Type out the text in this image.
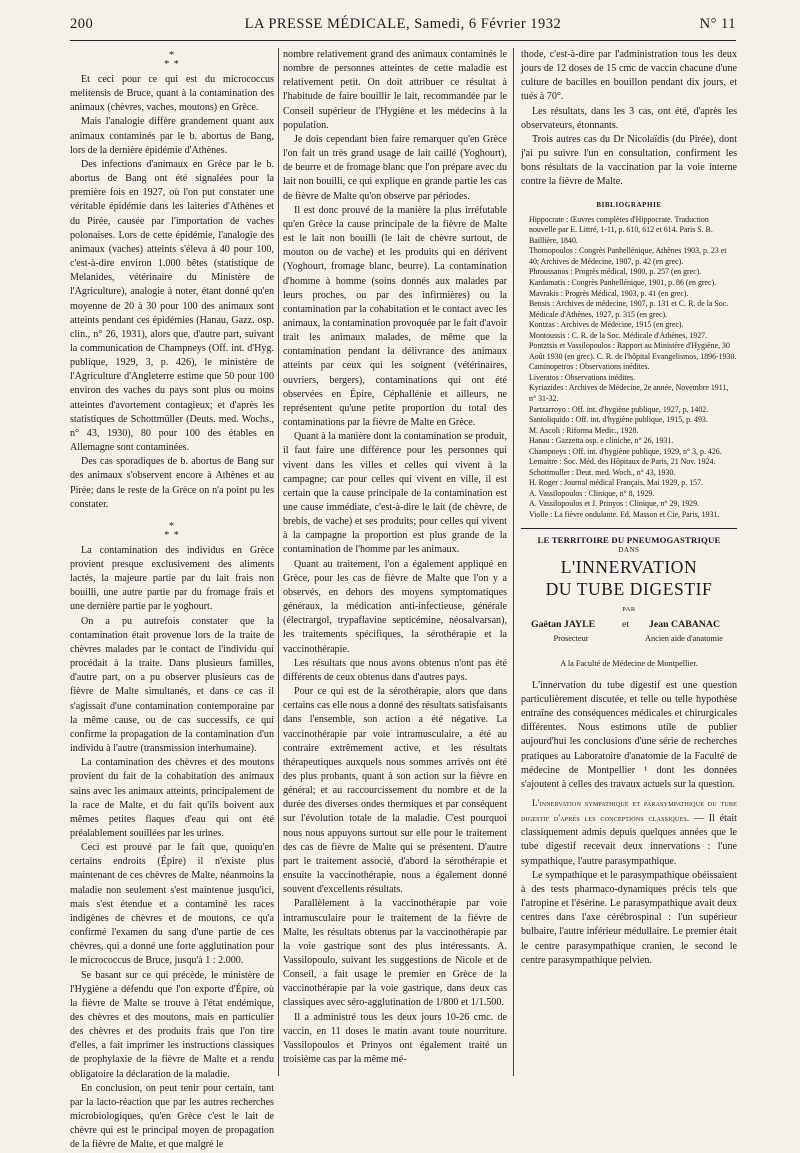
200	LA PRESSE MÉDICALE, Samedi, 6 Février 1932	N° 11
*
* *

Et ceci pour ce qui est du micrococcus melitensis de Bruce, quant à la contamination des animaux (chèvres, vaches, moutons) en Grèce.

Mais l'analogie diffère grandement quant aux animaux contaminés par le b. abortus de Bang, lors de la dernière épidémie d'Athènes.

Des infections d'animaux en Grèce par le b. abortus de Bang ont été signalées pour la première fois en 1927, où l'on put constater une véritable épidémie dans les laiteries d'Athènes et du Pirée, causée par l'importation de vaches polonaises. Lors de cette épidémie, l'analogie des animaux (vaches) atteints s'éleva à 40 pour 100, c'est-à-dire environ 1.000 bêtes (statistique de Melanides, vétérinaire du Ministère de l'Agriculture), analogie à noter, étant donné qu'en moyenne de 20 à 30 pour 100 des animaux sont atteints pendant ces épidémies (Hanau, Gazz. osp. clin., n° 26, 1931), alors que, d'autre part, suivant la communication de Champneys (Off. int. d'Hyg. publique, 1929, 3, p. 426), le ministère de l'Agriculture d'Angleterre estime que 50 pour 100 environ des vaches du pays sont plus ou moins atteintes d'avortement contagieux; et d'après les statistiques de Schottmüller (Deuts. med. Wochs., n° 43, 1930), 80 pour 100 des étables en Allemagne sont contaminées.

Des cas sporadiques de b. abortus de Bang sur des animaux s'observent encore à Athènes et au Pirée; dans le reste de la Grèce on n'a point pu les constater.

*
* *

La contamination des individus en Grèce provient presque exclusivement des aliments lactés, la majeure partie par du lait frais non bouilli, une autre partie par du fromage frais et une dernière partie par le yoghourt.

On a pu autrefois constater que la contamination était provenue lors de la traite de chèvres malades par le contact de l'individu qui procédait à la traite. Dans plusieurs familles, d'autre part, on a pu observer plusieurs cas de fièvre de Malte simultanés, et dans ce cas il s'agissait d'une contamination contemporaine par la même cause, ou de cas successifs, ce qui confirme la propagation de la contamination d'un individu à l'autre (transmission interhumaine).

La contamination des chèvres et des moutons provient du fait de la cohabitation des animaux sains avec les animaux atteints, principalement de la race de Malte, et du fait qu'ils boivent aux mêmes petites flaques d'eau qui ont été préalablement souillées par les urines.

Ceci est prouvé par le fait que, quoiqu'en certains endroits (Épire) il n'existe plus maintenant de ces chèvres de Malte, néanmoins la maladie non seulement s'est maintenue jusqu'ici, mais s'est étendue et a contaminé les races indigènes de chèvres et de moutons, ce qu'a confirmé l'examen du sang d'une partie de ces chèvres, qui a donné une forte agglutination pour le micrococcus de Bruce, jusqu'à 1 : 2.000.

Se basant sur ce qui précède, le ministère de l'Hygiène a défendu que l'on exporte d'Épire, où la fièvre de Malte se trouve à l'état endémique, des chèvres et des moutons, mais en particulier des chèvres et des produits frais que l'on tire d'elles, a fait imprimer les instructions classiques de prophylaxie de la fièvre de Malte et a rendu obligatoire la déclaration de la maladie.

En conclusion, on peut tenir pour certain, tant par la lacto-réaction que par les autres recherches microbiologiques, qu'en Grèce c'est le lait de chèvre qui est le principal moyen de propagation de la fièvre de Malte, et que malgré le

nombre relativement grand des animaux contaminés le nombre de personnes atteintes de cette maladie est relativement petit. On doit attribuer ce résultat à l'habitude de faire bouillir le lait, recommandée par le Conseil supérieur de l'Hygiène et les médecins à la population.

Je dois cependant bien faire remarquer qu'en Grèce l'on fait un très grand usage de lait caillé (Yoghourt), de beurre et de fromage blanc que l'on prépare avec du lait non bouilli, ce qui explique en grande partie les cas de fièvre de Malte qu'on observe par périodes.

Il est donc prouvé de la manière la plus irréfutable qu'en Grèce la cause principale de la fièvre de Malte est le lait non bouilli (le lait de chèvre surtout, de mouton ou de vache) et les produits qui en dérivent (Yoghourt, fromage blanc, beurre). La contamination d'homme à homme (soins donnés aux malades par leurs proches, ou par des infirmières) ou la contamination par la cohabitation et le contact avec les animaux, la contamination provoquée par le fait d'avoir trait les animaux malades, de même que la contamination pendant la délivrance des animaux atteints par ceux qui les soignent (vétérinaires, ouvriers, bergers), contaminations qui ont été observées en Épire, Céphallénie et ailleurs, ne représentent qu'une petite proportion du total des contaminations par la fièvre de Malte en Grèce.

Quant à la manière dont la contamination se produit, il faut faire une différence pour les personnes qui vivent dans les villes et celles qui vivent à la campagne; car pour celles qui vivent en ville, il est certain que la cause principale de la contamination est une cause immédiate, c'est-à-dire le lait (de chèvre, de brebis, de vache) et ses produits; pour celles qui vivent à la campagne la proportion est plus grande de la contamination de l'homme par les animaux.

Quant au traitement, l'on a également appliqué en Grèce, pour les cas de fièvre de Malte que l'on y a observés, en dehors des moyens symptomatiques généraux, la médication anti-infectieuse, générale (électrargol, trypaflavine septicémine, néosalvarsan), les traitements spécifiques, la sérothérapie et la vaccinothérapie.

Les résultats que nous avons obtenus n'ont pas été différents de ceux obtenus dans d'autres pays.

Pour ce qui est de la sérothérapie, alors que dans certains cas elle nous a donné des résultats satisfaisants dans l'ensemble, son action a été négative. La vaccinothérapie par voie intramusculaire, a été au contraire extrêmement active, et les résultats thérapeutiques auxquels nous sommes arrivés ont été des plus probants, quant à son action sur la fièvre en général; et au raccourcissement du nombre et de la durée des diverses ondes thermiques et par conséquent sur l'évolution totale de la maladie. C'est pourquoi nous nous appuyons surtout sur elle pour le traitement des cas de fièvre de Malte qui se présentent. D'autre part le traitement associé, d'abord la sérothérapie et ensuite la vaccinothérapie, nous a également donné souvent d'excellents résultats.

Parallèlement à la vaccinothérapie par voie intramusculaire pour le traitement de la fièvre de Malte, les résultats obtenus par la vaccinothérapie par la voie gastrique sont des plus intéressants. A. Vassilopoulo, suivant les suggestions de Nicole et de Conseil, a fait usage le premier en Grèce de la vaccinothérapie par la voie gastrique, dans deux cas classiques avec séro-agglutination de 1/800 et 1/1.500.

Il a administré tous les deux jours 10-26 cmc. de vaccin, en 11 doses le matin avant toute nourriture. Vassilopoulos et Prinyos ont également traité un troisième cas par la même mé-

thode, c'est-à-dire par l'administration tous les deux jours de 12 doses de 15 cmc de vaccin chacune d'une culture de bacilles en bouillon pendant dix jours, et tués à 70°.

Les résultats, dans les 3 cas, ont été, d'après les observateurs, étonnants.

Trois autres cas du Dr Nicolaïdis (du Pirée), dont j'ai pu suivre l'un en consultation, confirment les bons résultats de la vaccination par la voie interne contre la fièvre de Malte.

BIBLIOGRAPHIE

Hippocrate : Œuvres complètes d'Hippocrate. Traduction nouvelle par E. Littré, 1-11, p. 610, 612 et 614. Paris S. B. Baillière, 1840.

Thomopoulos : Congrès Panhellénique, Athènes 1903, p. 23 et 40; Archives de Médecine, 1907, p. 42 (en grec).

Phroussanos : Progrès médical, 1900, p. 257 (en grec).

Kardamatis : Congrès Panhellénique, 1901, p. 86 (en grec).

Mavrakis : Progrès Médical, 1903, p. 41 (en grec).

Bensis : Archives de médecine, 1907, p. 131 et C. R. de la Soc. Médicale d'Athènes, 1927, p. 315 (en grec).

Kontzas : Archives de Médecine, 1915 (en grec).

Montoussis : C. R. de la Soc. Médicale d'Athènes, 1927.

Pontztsis et Vassilopoulos : Rapport au Ministère d'Hygiène, 30 Août 1930 (en grec). C. R. de l'hôpital Evangelismos, 1896-1930.

Caminopetros : Observations inédites.

Liveratos : Observations inédites.

Kyriazides : Archives de Médecine, 2e année, Novembre 1911, n° 31-32.

Partzarroyo : Off. int. d'hygiène publique, 1927, p. 1402.

Santoliquido : Off. int. d'hygiène publique, 1915, p. 493.

M. Ascoli : Riforma Medic., 1928.

Hanau : Gazzetta osp. e cliniche, n° 26, 1931.

Champneys : Off. int. d'hygiène publique, 1929, n° 3, p. 426.

Lemaitre : Soc. Méd. des Hôpitaux de Paris, 21 Nov. 1924.

Schottmuller : Deut. med. Woch., n° 43, 1930.

H. Roger : Journal médical Français, Mai 1929, p. 157.

A. Vassilopoulos : Clinique, n° 8, 1929.

A. Vassilopoulos et J. Prinyos : Clinique, n° 29, 1929.

Violle : La fièvre ondulante. Ed. Masson et Cie, Paris, 1931.

LE TERRITOIRE DU PNEUMOGASTRIQUE
DANS
L'INNERVATION
DU TUBE DIGESTIF
PAR
Gaëtan JAYLE	et Jean CABANAC
Prosecteur	Ancien aide d'anatomie
A la Faculté de Médecine de Montpellier.

L'innervation du tube digestif est une question particulièrement discutée, et telle ou telle hypothèse entraîne des conséquences médicales et chirurgicales différentes. Nous estimons utile de publier aujourd'hui les conclusions d'une série de recherches pratiques au Laboratoire d'anatomie de la Faculté de médecine de Montpellier ¹ dont les données s'ajoutent à celles des travaux actuels sur la question.

L'innervation sympathique et parasympathique du tube digestif d'après les conceptions classiques. — Il était classiquement admis depuis quelques années que le tube digestif recevait deux innervations : l'une sympathique, l'autre parasympathique.

Le sympathique et le parasympathique obéissaient à des tests pharmaco-dynamiques précis tels que l'atropine et l'ésérine. Le parasympathique avait deux centres dans l'axe cérébrospinal : l'un supérieur bulbaire, l'autre inférieur médullaire. Le premier était le centre parasympathique cranien, le second le centre parasympathique pelvien.
